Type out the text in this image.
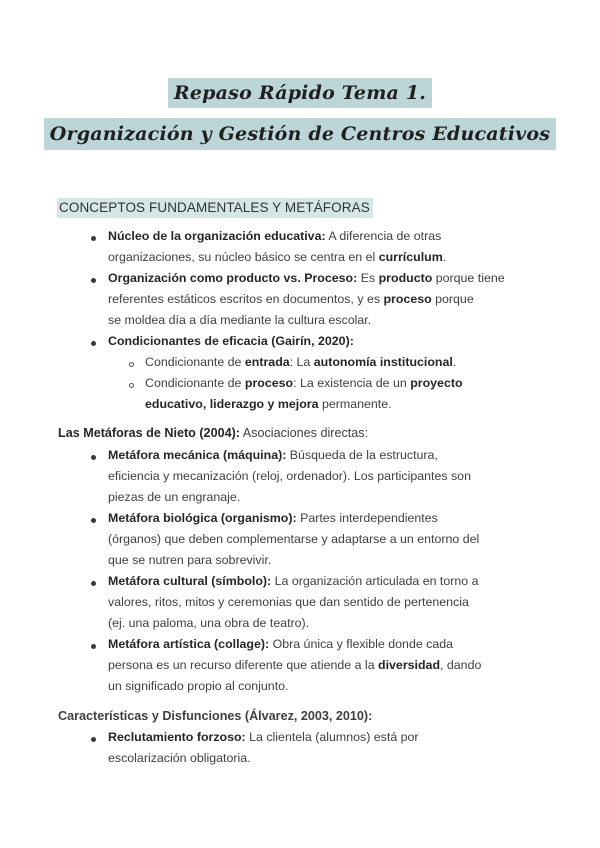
Repaso Rápido Tema 1.
Organización y Gestión de Centros Educativos
CONCEPTOS FUNDAMENTALES Y METÁFORAS
Núcleo de la organización educativa: A diferencia de otras
organizaciones, su núcleo básico se centra en el currículum.
Organización como producto vs. Proceso: Es producto porque tiene
referentes estáticos escritos en documentos, y es proceso porque
se moldea día a día mediante la cultura escolar.
Condicionantes de eficacia (Gairín, 2020):
Condicionante de entrada: La autonomía institucional.
Condicionante de proceso: La existencia de un proyecto
educativo, liderazgo y mejora permanente.
Las Metáforas de Nieto (2004): Asociaciones directas:
Metáfora mecánica (máquina): Búsqueda de la estructura,
eficiencia y mecanización (reloj, ordenador). Los participantes son
piezas de un engranaje.
Metáfora biológica (organismo): Partes interdependientes
(órganos) que deben complementarse y adaptarse a un entorno del
que se nutren para sobrevivir.
Metáfora cultural (símbolo): La organización articulada en torno a
valores, ritos, mitos y ceremonias que dan sentido de pertenencia
(ej. una paloma, una obra de teatro).
Metáfora artística (collage): Obra única y flexible donde cada
persona es un recurso diferente que atiende a la diversidad, dando
un significado propio al conjunto.
Características y Disfunciones (Álvarez, 2003, 2010):
Reclutamiento forzoso: La clientela (alumnos) está por
escolarización obligatoria.
